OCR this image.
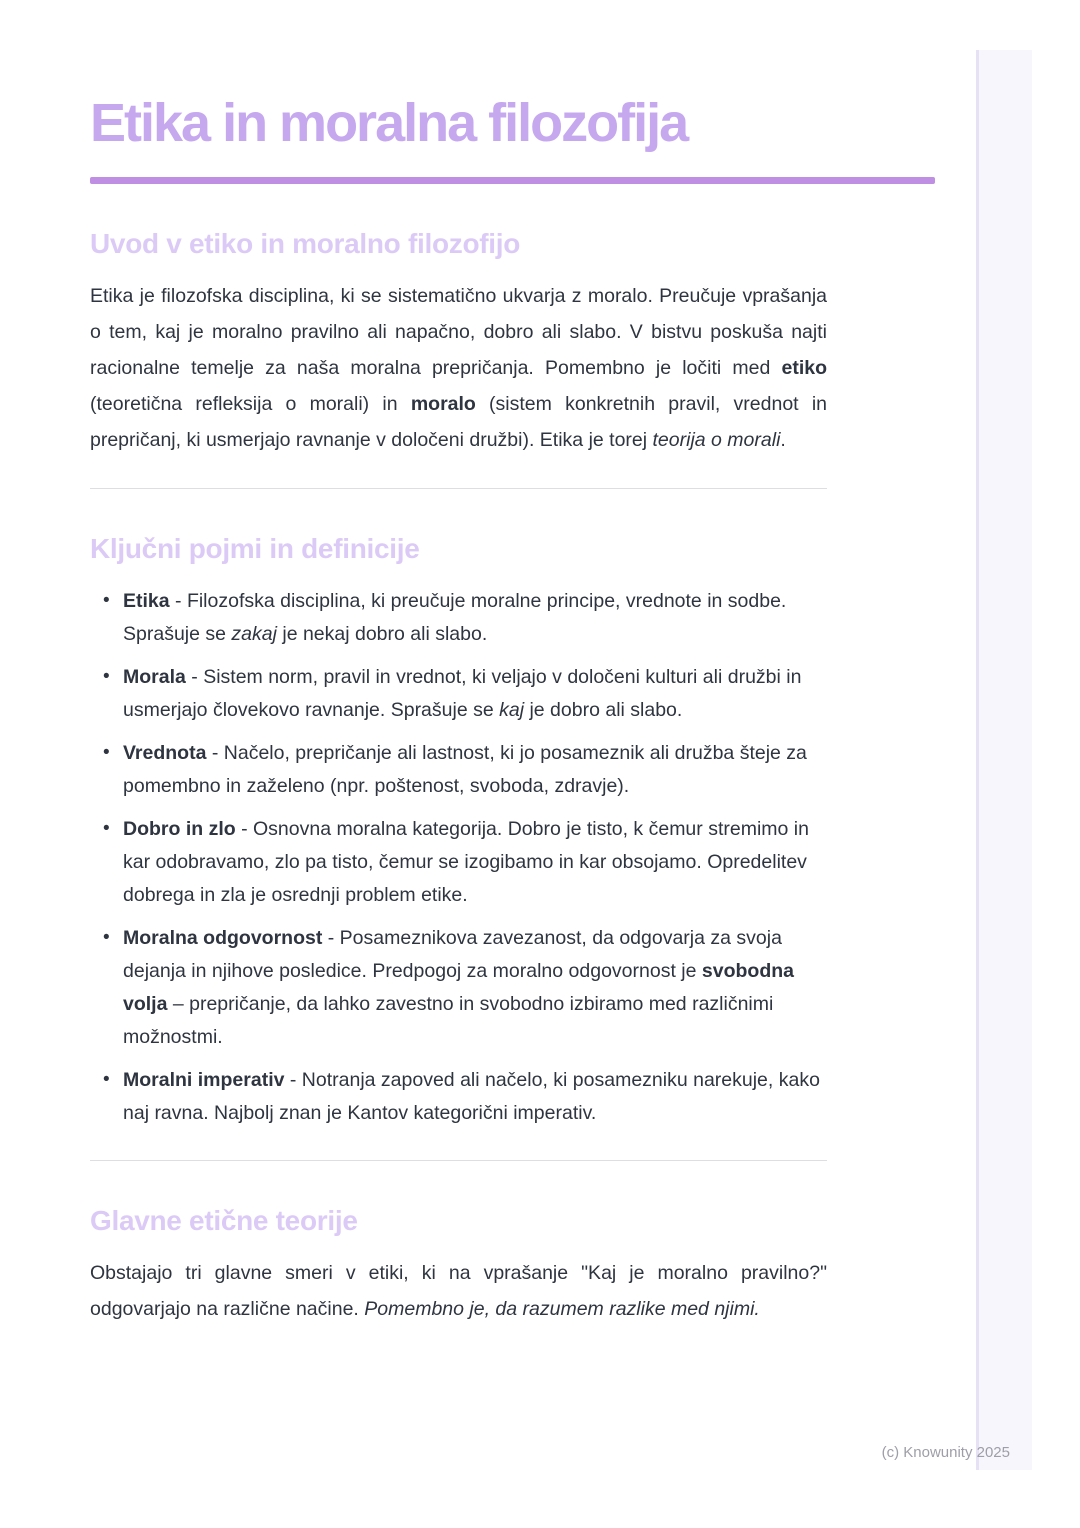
Etika in moralna filozofija
Uvod v etiko in moralno filozofijo

Etika je filozofska disciplina, ki se sistematično ukvarja z moralo. Preučuje vprašanja o tem, kaj je moralno pravilno ali napačno, dobro ali slabo. V bistvu poskuša najti racionalne temelje za naša moralna prepričanja. Pomembno je ločiti med etiko (teoretična refleksija o morali) in moralo (sistem konkretnih pravil, vrednot in prepričanj, ki usmerjajo ravnanje v določeni družbi). Etika je torej teorija o morali.

Ključni pojmi in definicije
• Etika - Filozofska disciplina, ki preučuje moralne principe, vrednote in sodbe. Sprašuje se zakaj je nekaj dobro ali slabo.
• Morala - Sistem norm, pravil in vrednot, ki veljajo v določeni kulturi ali družbi in usmerjajo človekovo ravnanje. Sprašuje se kaj je dobro ali slabo.
• Vrednota - Načelo, prepričanje ali lastnost, ki jo posameznik ali družba šteje za pomembno in zaželeno (npr. poštenost, svoboda, zdravje).
• Dobro in zlo - Osnovna moralna kategorija. Dobro je tisto, k čemur stremimo in kar odobravamo, zlo pa tisto, čemur se izogibamo in kar obsojamo. Opredelitev dobrega in zla je osrednji problem etike.
• Moralna odgovornost - Posameznikova zavezanost, da odgovarja za svoja dejanja in njihove posledice. Predpogoj za moralno odgovornost je svobodna volja – prepričanje, da lahko zavestno in svobodno izbiramo med različnimi možnostmi.
• Moralni imperativ - Notranja zapoved ali načelo, ki posamezniku narekuje, kako naj ravna. Najbolj znan je Kantov kategorični imperativ.
Glavne etične teorije

Obstajajo tri glavne smeri v etiki, ki na vprašanje "Kaj je moralno pravilno?" odgovarjajo na različne načine. Pomembno je, da razumem razlike med njimi.

(c) Knowunity 2025
